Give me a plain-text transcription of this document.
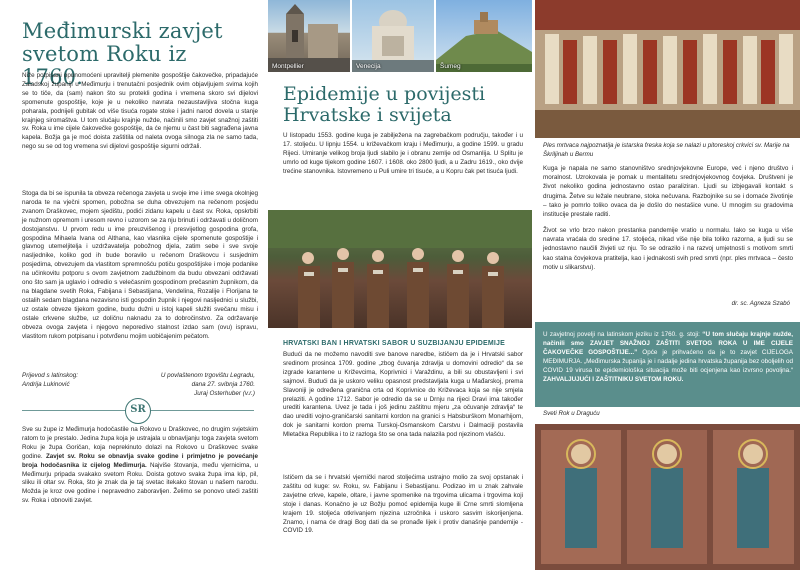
Međimurski zavjet
svetom Roku iz 1760.

Niže potpisani opunomoćeni upravitelji plemenite gospoštije čakovečke, pripadajuće Zaladskoj županiji u Međimurju i trenutačni posjednik ovim objavljujem svima kojih se to tiče, da (sam) nakon što su protekli godina i vremena skoro svi dijelovi spomenute gospoštije, koje je u nekoliko navrata nezaustavljiva stočna kuga poharala, podnijeli gubitak od više tisuća rogate stoke i jadni narod dovela u stanje krajnjeg siromaštva. U tom slučaju krajnje nužde, načinili smo zavjet snažnoj zaštiti sv. Roka u ime cijele čakovečke gospoštije, da će njemu u čast biti sagrađena javna kapela. Božja ga je moć doista zaštitila od naleta ovoga silnoga zla ne samo tada, nego su se od tog vremena svi dijelovi gospoštije sigurni održali.

Stoga da bi se ispunila ta obveza rečenoga zavjeta u svoje ime i ime svega okolnjeg naroda te na vječni spomen, pobožna se duha obvezujem na rečenom posjedu zvanom Draškovec, mojem sjedištu, podići zidanu kapelu u čast sv. Roka, opskrbiti je nužnom opremom i uresom revno i uzorom se za nju brinuti i održavati u doličnom dostojanstvu. U prvom redu u ime preuzvišenog i presvijetlog gospodina grofa, gospodina Mihaela Ivana od Althana, kao vlasnika cijele spomenute gospoštije i glavnog utemeljitelja i uzdržavatelja pobožnog djela, zatim sebe i sve svoje nasljednike, koliko god ih bude boravilo u rečenom Draškovcu i susjednim posjedima, obvezujem da vlastitom spremnošću potiču gospoštijske i moje podanike na učinkovitu potporu s ovom zavjetnom zadužbinom da budu obvezani održavati ono što sam ja uglavio i odredio s velečasnim gospodinom prečasnim župnikom, da na blagdane svetih Roka, Fabijana i Sebastijana, Vendelina, Rozalije i Florijana te ostalih sedam blagdana nezavisno isti gospodin župnik i njegovi nasljednici u službi, uz ostale obveze tijekom godine, budu dužni u istoj kapeli služiti svečanu misu i ostale crkvene službe, uz doličnu naknadu za to dobročinstvo. Za održavanje obveza ovoga zavjeta i njegovo neporedivo stalnost izdao sam (ovu) ispravu, vlastitom rukom potpisanu i potvrđenu mojim uobičajenim pečatom.

Prijevod s latinskog:
Andrija Lukinović
U povlaštenom trgovištu Legradu,
dana 27. svibnja 1760.
Juraj Osterhuber (v.r.)
SR

Sve su župe iz Međimurja hodočastile na Rokovo u Draškovec, no drugim svjetskim ratom to je prestalo. Jedina župa koja je ustrajala u obnavljanju toga zavjeta svetom Roku je župa Goričan, koja neprekinuto dolazi na Rokovo u Draškovec svake godine. Zavjet sv. Roku se obnavlja svake godine i primjetno je povećanje broja hodočasnika iz cijelog Međimurja. Najviše štovanja, među vjernicima, u Međimurju pripada svakako svetom Roku. Doista gotovo svaka župa ima kip, pil, sliku ili oltar sv. Roka, što je znak da je taj svetac itekako štovan u našem narodu. Možda je kroz ove godine i nepravedno zaboravljen. Želimo se ponovo uteći zaštiti sv. Roka i obnoviti zavjet.

Montpellier	Venecija	Šumeg
Epidemije u povijesti
Hrvatske i svijeta

U listopadu 1553. godine kuga je zabilježena na zagrebačkom području, također i u 17. stoljeću. U lipnju 1554. u križevačkom kraju i Međimurju, a godine 1599. u gradu Rijeci. Umiranje velikog broja ljudi slabilo je i obranu zemlje od Osmanlija. U Splitu je umrlo od kuge tijekom godine 1607. i 1608. oko 2800 ljudi, a u Zadru 1619., oko dvije trećine stanovnika. Istovremeno u Puli umire tri tisuće, a u Kopru čak pet tisuća ljudi.

HRVATSKI BAN I HRVATSKI SABOR U SUZBIJANJU EPIDEMIJE

Budući da ne možemo navoditi sve banove naredbe, ističem da je i Hrvatski sabor sredinom prosinca 1709. godine „zbog čuvanja zdravlja u domovini odredio“ da se izgrade karantene u Križevcima, Koprivnici i Varaždinu, a bili su obustavljeni i svi sajmovi. Budući da je uskoro veliku opasnost predstavljala kuga u Mađarskoj, prema Slavoniji je određena granična crta od Koprivnice do Križevaca koja se nije smjela prelaziti. A godine 1712. Sabor je odredio da se u Drnju na rijeci Dravi ima također urediti karantena. Uvez je tada i još jedinu zaštitnu mjeru „za očuvanje zdravlja“ te dao urediti vojno-graničarski sanitarni kordon na granici s Habsburškom Monarhijom, dok je sanitarni kordon prema Turskoj-Osmanskom Carstvu i Dalmaciji postavila Mletačka Republika i to iz razloga što se ona tada nalazila pod njezinom vlašću.

Ističem da se i hrvatski vjernički narod stoljećima ustrajno molio za svoj opstanak i zaštitu od kuge: sv. Roku, sv. Fabijanu i Sebastijanu. Podizao im u znak zahvale zavjetne crkve, kapele, oltare, i javne spomenike na trgovima ulicama i trgovima koji stoje i danas. Konačno je uz Božju pomoć epidemija kuge ili Crne smrti slomljena krajem 19. stoljeća otkrivanjem njezina uzročnika i uskoro sasvim iskorijenjena. Znamo, i nama će dragi Bog dati da se pronađe lijek i protiv današnje pandemije - COVID 19.

Ples mrtvaca najpoznatija je istarska freska koja se nalazi u pitoreskoj crkvici sv. Marije na Škriljinah u Bermu

Kuga je napala ne samo stanovništvo srednjovjekovne Europe, već i njeno društvo i moralnost. Uzrokovala je pomak u mentalitetu srednjovjekovnog čovjeka. Društveni je život nekoliko godina jednostavno ostao paraliziran. Ljudi su izbjegavali kontakt s drugima. Žetve su ležale neubrane, stoka nečuvana. Razbojnike su se i domaće životinje – tako je pomrlo toliko ovaca da je došlo do nestašice vune. U mnogim su gradovima institucije prestale raditi.

Život se vrlo brzo nakon prestanka pandemije vratio u normalu. Iako se kuga u više navrata vraćala do sredine 17. stoljeća, nikad više nije bila toliko razorna, a ljudi su se jednostavno naučili živjeti uz nju. To se odrazilo i na razvoj umjetnosti s motivom smrti kao stalna čovjekova pratitelja, kao i jednakosti svih pred smrti (npr. ples mrtvaca – često motiv u slikarstvu).

dr. sc. Agneza Szabó

U zavjetnoj povelji na latinskom jeziku iz 1760. g. stoji: “U tom slučaju krajnje nužde, načinili smo ZAVJET SNAŽNOJ ZAŠTITI SVETOG ROKA U IME CIJELE ČAKOVEČKE GOSPOŠTIJE...” Opće je prihvaćeno da je to zavjet CIJELOGA MEĐIMURJA. „Međimurska županija je i nadalje jedina hrvatska županija bez oboljelih od COVID 19 virusa te epidemiološka situacija može biti ocjenjena kao izvrsno povoljna.“ ZAHVALJUJUĆI I ZAŠTITNIKU SVETOM ROKU.

Sveti Rok u Draguću
